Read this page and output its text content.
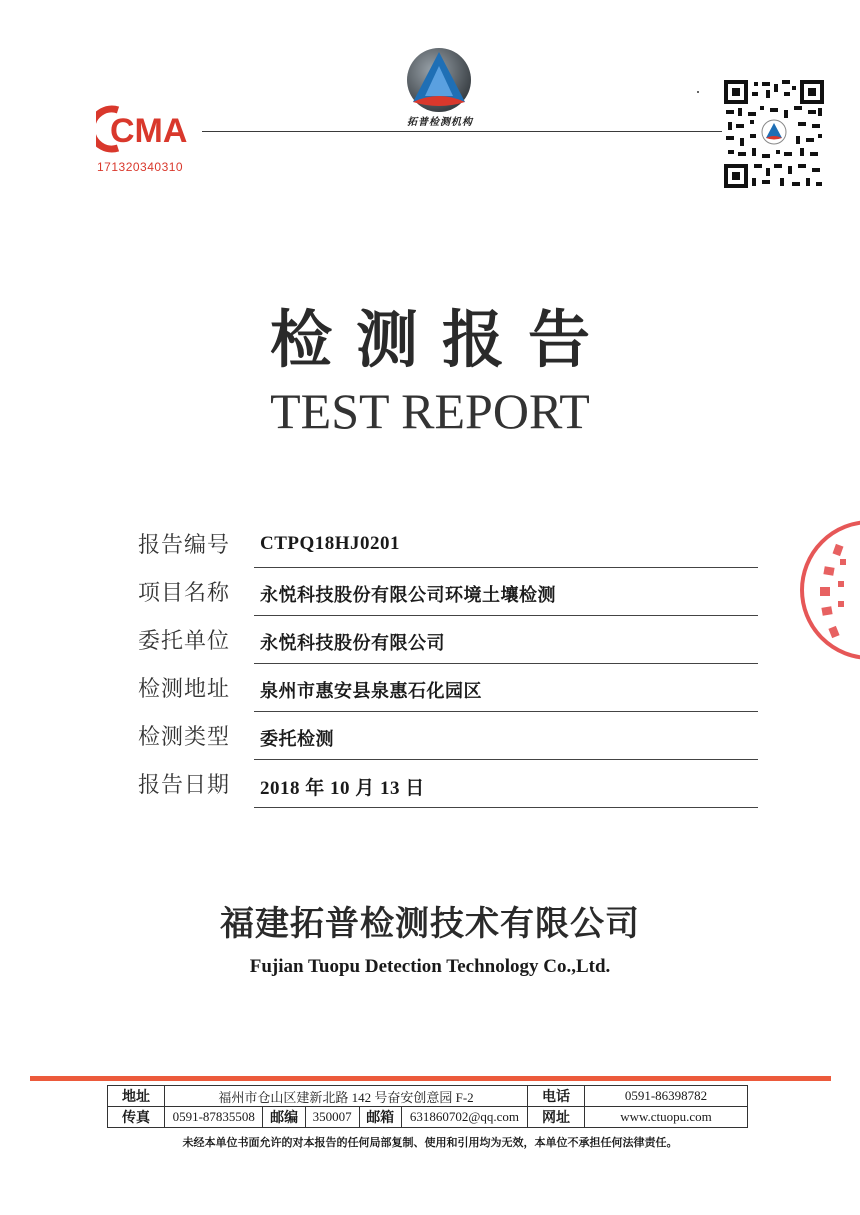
CMA
171320340310
拓普检测机构
检测报告
TEST REPORT
报告编号 CTPQ18HJ0201
项目名称 永悦科技股份有限公司环境土壤检测
委托单位 永悦科技股份有限公司
检测地址 泉州市惠安县泉惠石化园区
检测类型 委托检测
报告日期 2018 年 10 月 13 日
福建拓普检测技术有限公司
Fujian Tuopu Detection Technology Co.,Ltd.
地址	福州市仓山区建新北路 142 号奋安创意园 F-2					电话	0591-86398782
传真	0591-87835508	邮编	350007	邮箱	631860702@qq.com	网址	www.ctuopu.com
未经本单位书面允许的对本报告的任何局部复制、使用和引用均为无效，本单位不承担任何法律责任。
